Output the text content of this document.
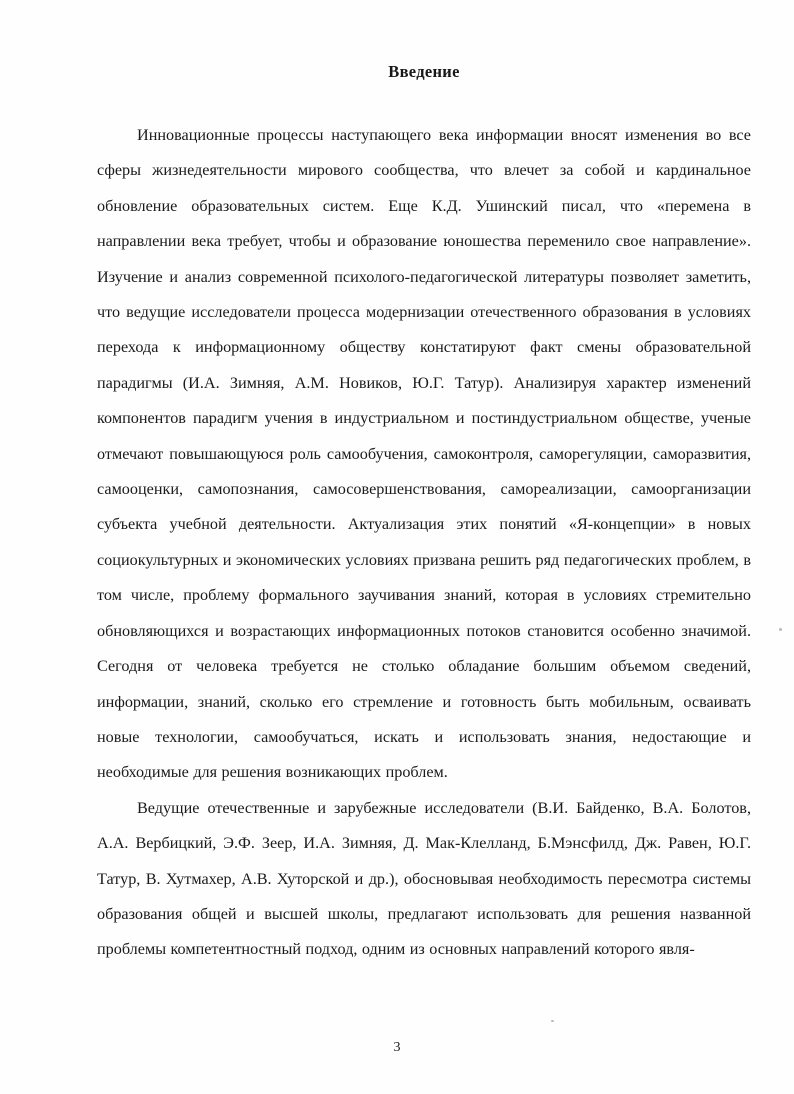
Введение

Инновационные процессы наступающего века информации вносят изменения во все сферы жизнедеятельности мирового сообщества, что влечет за собой и кардинальное обновление образовательных систем. Еще К.Д. Ушинский писал, что «перемена в направлении века требует, чтобы и образование юношества переменило свое направление». Изучение и анализ современной психолого-педагогической литературы позволяет заметить, что ведущие исследователи процесса модернизации отечественного образования в условиях перехода к информационному обществу констатируют факт смены образовательной парадигмы (И.А. Зимняя, А.М. Новиков, Ю.Г. Татур). Анализируя характер изменений компонентов парадигм учения в индустриальном и постиндустриальном обществе, ученые отмечают повышающуюся роль самообучения, самоконтроля, саморегуляции, саморазвития, самооценки, самопознания, самосовершенствования, самореализации, самоорганизации субъекта учебной деятельности. Актуализация этих понятий «Я-концепции» в новых социокультурных и экономических условиях призвана решить ряд педагогических проблем, в том числе, проблему формального заучивания знаний, которая в условиях стремительно обновляющихся и возрастающих информационных потоков становится особенно значимой. Сегодня от человека требуется не столько обладание большим объемом сведений, информации, знаний, сколько его стремление и готовность быть мобильным, осваивать новые технологии, самообучаться, искать и использовать знания, недостающие и необходимые для решения возникающих проблем.

Ведущие отечественные и зарубежные исследователи (В.И. Байденко, В.А. Болотов, А.А. Вербицкий, Э.Ф. Зеер, И.А. Зимняя, Д. Мак-Клелланд, Б.Мэнсфилд, Дж. Равен, Ю.Г. Татур, В. Хутмахер, А.В. Хуторской и др.), обосновывая необходимость пересмотра системы образования общей и высшей школы, предлагают использовать для решения названной проблемы компетентностный подход, одним из основных направлений которого явля-

3
